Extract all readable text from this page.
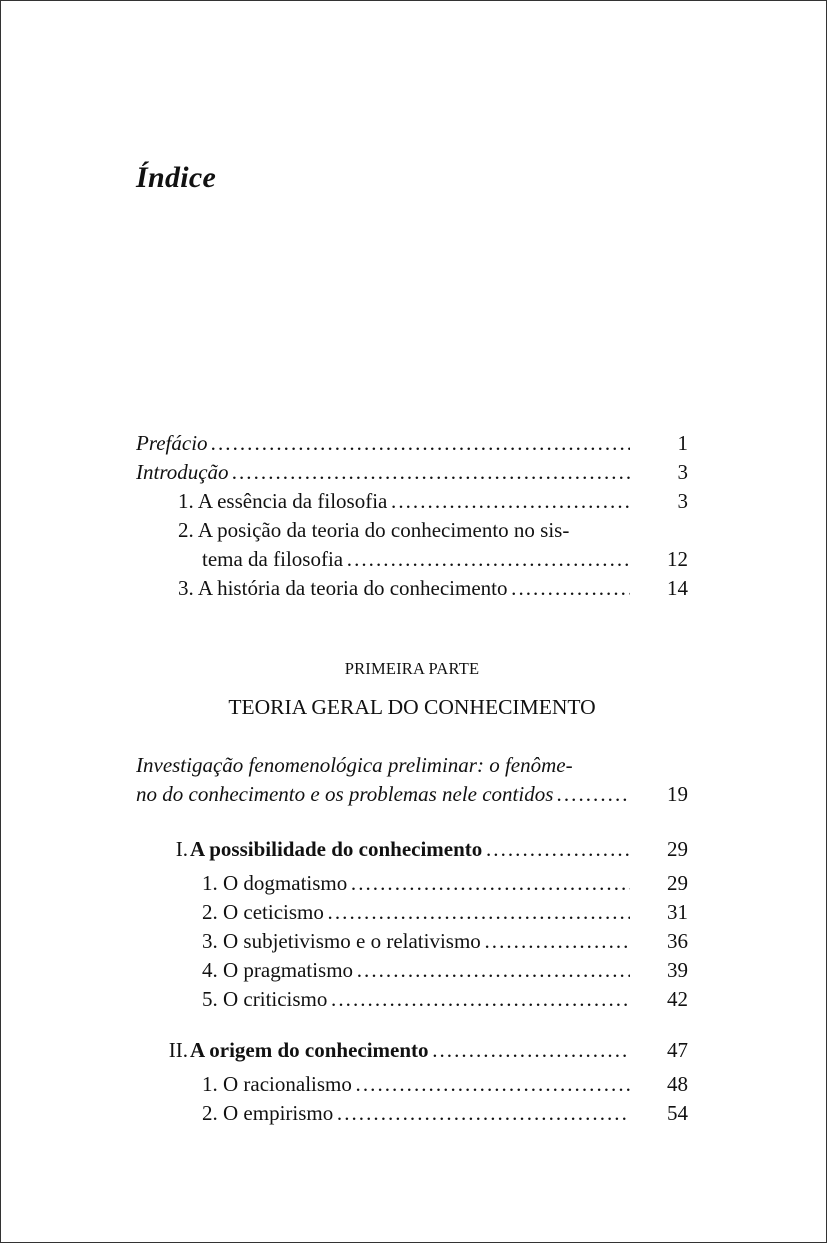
Índice
Prefácio . . .	1
Introdução . . .	3
1. A essência da filosofia . . .	3
2. A posição da teoria do conhecimento no sis-
tema da filosofia . . .	12
3. A história da teoria do conhecimento . . .	14
PRIMEIRA PARTE
TEORIA GERAL DO CONHECIMENTO
Investigação fenomenológica preliminar: o fenôme-
no do conhecimento e os problemas nele contidos . . .	19
I.A possibilidade do conhecimento . . .	29
1. O dogmatismo . . .	29
2. O ceticismo . . .	31
3. O subjetivismo e o relativismo . . .	36
4. O pragmatismo . . .	39
5. O criticismo . . .	42
II.A origem do conhecimento . . .	47
1. O racionalismo . . .	48
2. O empirismo . . .	54
